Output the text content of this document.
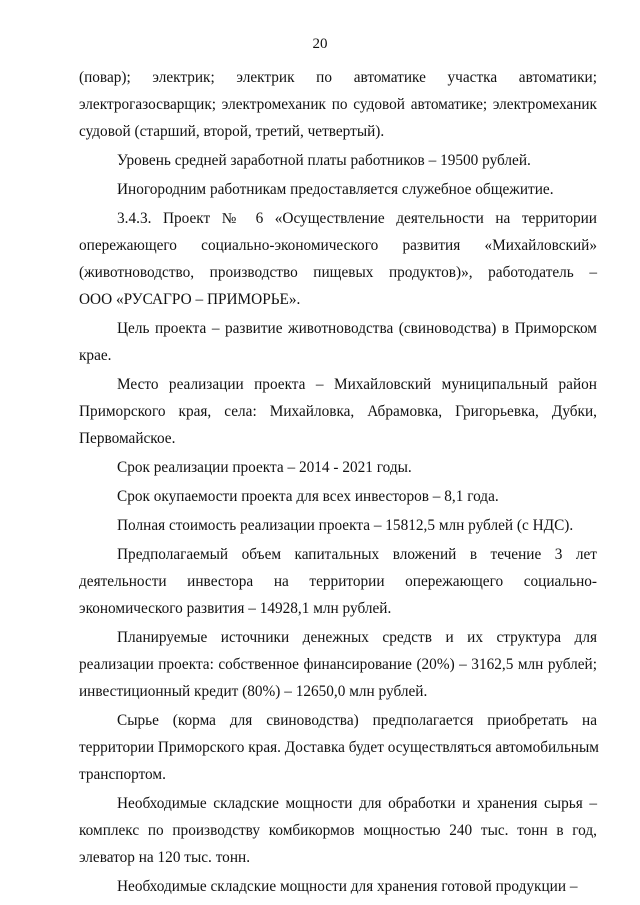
20
(повар); электрик; электрик по автоматике участка автоматики;
электрогазосварщик; электромеханик по судовой автоматике; электромеханик
судовой (старший, второй, третий, четвертый).
Уровень средней заработной платы работников – 19500 рублей.
Иногородним работникам предоставляется служебное общежитие.
3.4.3. Проект № 6 «Осуществление деятельности на территории
опережающего социально-экономического развития «Михайловский»
(животноводство, производство пищевых продуктов)», работодатель –
ООО «РУСАГРО – ПРИМОРЬЕ».
Цель проекта – развитие животноводства (свиноводства) в Приморском
крае.
Место реализации проекта – Михайловский муниципальный район
Приморского края, села: Михайловка, Абрамовка, Григорьевка, Дубки,
Первомайское.
Срок реализации проекта – 2014 - 2021 годы.
Срок окупаемости проекта для всех инвесторов – 8,1 года.
Полная стоимость реализации проекта – 15812,5 млн рублей (с НДС).
Предполагаемый объем капитальных вложений в течение 3 лет
деятельности инвестора на территории опережающего социально-
экономического развития – 14928,1 млн рублей.
Планируемые источники денежных средств и их структура для
реализации проекта: собственное финансирование (20%) – 3162,5 млн рублей;
инвестиционный кредит (80%) – 12650,0 млн рублей.
Сырье (корма для свиноводства) предполагается приобретать на
территории Приморского края. Доставка будет осуществляться автомобильным
транспортом.
Необходимые складские мощности для обработки и хранения сырья –
комплекс по производству комбикормов мощностью 240 тыс. тонн в год,
элеватор на 120 тыс. тонн.
Необходимые складские мощности для хранения готовой продукции –
